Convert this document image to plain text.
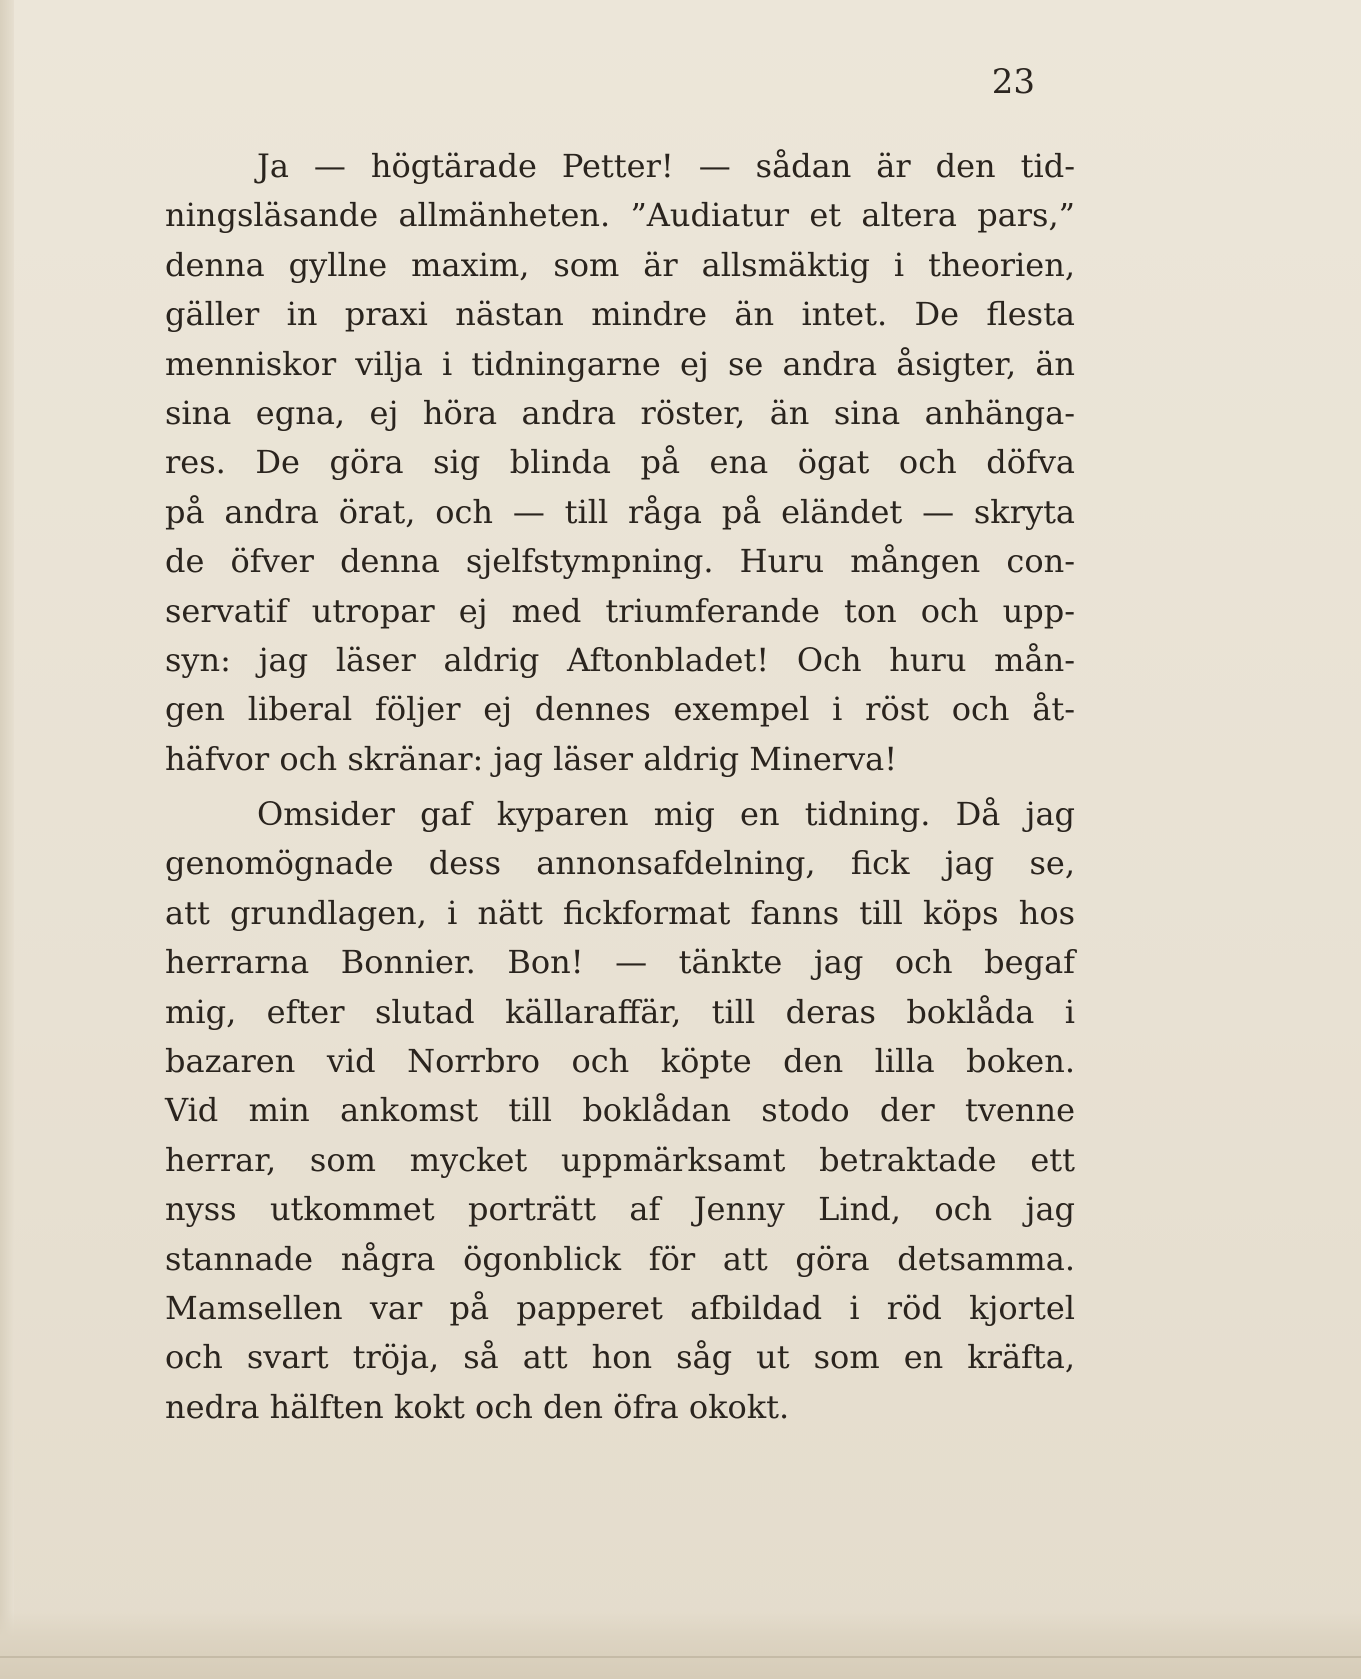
23
Ja — högtärade Petter! — sådan är den tid-
ningsläsande allmänheten. ”Audiatur et altera pars,”
denna gyllne maxim, som är allsmäktig i theorien,
gäller in praxi nästan mindre än intet. De flesta
menniskor vilja i tidningarne ej se andra åsigter, än
sina egna, ej höra andra röster, än sina anhänga-
res. De göra sig blinda på ena ögat och döfva
på andra örat, och — till råga på eländet — skryta
de öfver denna sjelfstympning. Huru mången con-
servatif utropar ej med triumferande ton och upp-
syn: jag läser aldrig Aftonbladet! Och huru mån-
gen liberal följer ej dennes exempel i röst och åt-
häfvor och skränar: jag läser aldrig Minerva!
Omsider gaf kyparen mig en tidning. Då jag
genomögnade dess annonsafdelning, fick jag se,
att grundlagen, i nätt fickformat fanns till köps hos
herrarna Bonnier. Bon! — tänkte jag och begaf
mig, efter slutad källaraffär, till deras boklåda i
bazaren vid Norrbro och köpte den lilla boken.
Vid min ankomst till boklådan stodo der tvenne
herrar, som mycket uppmärksamt betraktade ett
nyss utkommet porträtt af Jenny Lind, och jag
stannade några ögonblick för att göra detsamma.
Mamsellen var på papperet afbildad i röd kjortel
och svart tröja, så att hon såg ut som en kräfta,
nedra hälften kokt och den öfra okokt.
